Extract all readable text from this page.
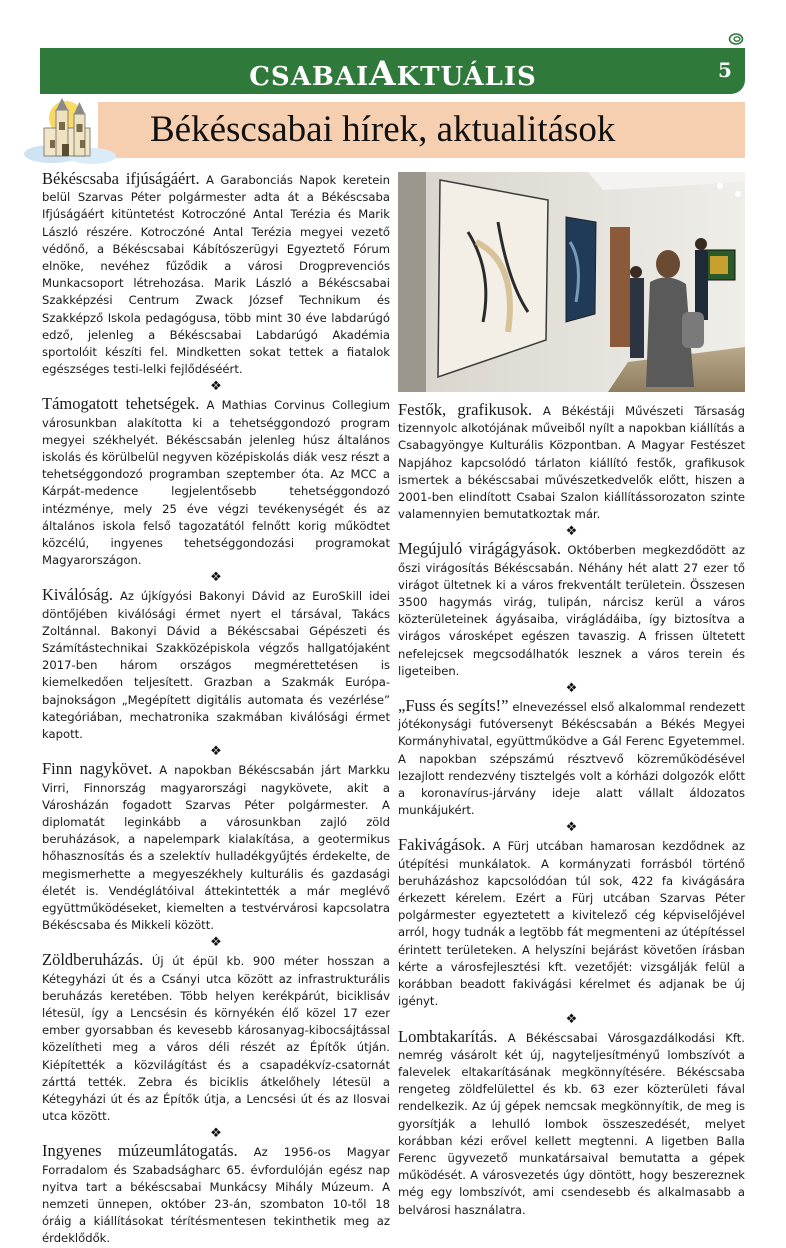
CSABAIAKTUÁLIS	5
Békéscsabai hírek, aktualitások

Békéscsaba ifjúságáért. A Garabonciás Napok keretein belül Szarvas Péter polgármester adta át a Békéscsaba Ifjúságáért kitüntetést Kotroczóné Antal Terézia és Marik László részére. Kotroczóné Antal Terézia megyei vezető védőnő, a Békéscsabai Kábítószerügyi Egyeztető Fórum elnöke, nevéhez fűződik a városi Drogprevenciós Munkacsoport létrehozása. Marik László a Békéscsabai Szakképzési Centrum Zwack József Technikum és Szakképző Iskola pedagógusa, több mint 30 éve labdarúgó edző, jelenleg a Békéscsabai Labdarúgó Akadémia sportolóit készíti fel. Mindketten sokat tettek a fiatalok egészséges testi-lelki fejlődéséért.

❖

Támogatott tehetségek. A Mathias Corvinus Collegium városunkban alakította ki a tehetséggondozó program megyei székhelyét. Békéscsabán jelenleg húsz általános iskolás és körülbelül negyven középiskolás diák vesz részt a tehetséggondozó programban szeptember óta. Az MCC a Kárpát-medence legjelentősebb tehetséggondozó intézménye, mely 25 éve végzi tevékenységét és az általános iskola felső tagozatától felnőtt korig működtet közcélú, ingyenes tehetséggondozási programokat Magyarországon.

❖

Kiválóság. Az újkígyósi Bakonyi Dávid az EuroSkill idei döntőjében kiválósági érmet nyert el társával, Takács Zoltánnal. Bakonyi Dávid a Békéscsabai Gépészeti és Számítástechnikai Szakközépiskola végzős hallgatójaként 2017-ben három országos megmérettetésen is kiemelkedően teljesített. Grazban a Szakmák Európa-bajnokságon „Megépített digitális automata és vezérlése” kategóriában, mechatronika szakmában kiválósági érmet kapott.

❖

Finn nagykövet. A napokban Békéscsabán járt Markku Virri, Finnország magyarországi nagykövete, akit a Városházán fogadott Szarvas Péter polgármester. A diplomatát leginkább a városunkban zajló zöld beruházások, a napelempark kialakítása, a geotermikus hőhasznosítás és a szelektív hulladékgyűjtés érdekelte, de megismerhette a megyeszékhely kulturális és gazdasági életét is. Vendéglátóival áttekintették a már meglévő együttműködéseket, kiemelten a testvérvárosi kapcsolatra Békéscsaba és Mikkeli között.

❖

Zöldberuházás. Új út épül kb. 900 méter hosszan a Kétegyházi út és a Csányi utca között az infrastrukturális beruházás keretében. Több helyen kerékpárút, biciklisáv létesül, így a Lencsésin és környékén élő közel 17 ezer ember gyorsabban és kevesebb károsanyag-kibocsájtással közelítheti meg a város déli részét az Építők útján. Kiépítették a közvilágítást és a csapadékvíz-csatornát zárttá tették. Zebra és biciklis átkelőhely létesül a Kétegyházi út és az Építők útja, a Lencsési út és az Ilosvai utca között.

❖

Ingyenes múzeumlátogatás. Az 1956-os Magyar Forradalom és Szabadságharc 65. évfordulóján egész nap nyitva tart a békéscsabai Munkácsy Mihály Múzeum. A nemzeti ünnepen, október 23-án, szombaton 10-től 18 óráig a kiállításokat térítésmentesen tekinthetik meg az érdeklődők.

Festők, grafikusok. A Békéstáji Művészeti Társaság tizennyolc alkotójának műveiből nyílt a napokban kiállítás a Csabagyöngye Kulturális Központban. A Magyar Festészet Napjához kapcsolódó tárlaton kiállító festők, grafikusok ismertek a békéscsabai művészetkedvelők előtt, hiszen a 2001-ben elindított Csabai Szalon kiállítássorozaton szinte valamennyien bemutatkoztak már.

❖

Megújuló virágágyások. Októberben megkezdődött az őszi virágosítás Békéscsabán. Néhány hét alatt 27 ezer tő virágot ültetnek ki a város frekventált területein. Összesen 3500 hagymás virág, tulipán, nárcisz kerül a város közterületeinek ágyásaiba, virágládáiba, így biztosítva a virágos városképet egészen tavaszig. A frissen ültetett nefelejcsek megcsodálhatók lesznek a város terein és ligeteiben.

❖

„Fuss és segíts!” elnevezéssel első alkalommal rendezett jótékonysági futóversenyt Békéscsabán a Békés Megyei Kormányhivatal, együttműködve a Gál Ferenc Egyetemmel. A napokban szépszámú résztvevő közreműködésével lezajlott rendezvény tisztelgés volt a kórházi dolgozók előtt a koronavírus-járvány ideje alatt vállalt áldozatos munkájukért.

❖

Fakivágások. A Fürj utcában hamarosan kezdődnek az útépítési munkálatok. A kormányzati forrásból történő beruházáshoz kapcsolódóan túl sok, 422 fa kivágására érkezett kérelem. Ezért a Fürj utcában Szarvas Péter polgármester egyeztetett a kivitelező cég képviselőjével arról, hogy tudnák a legtöbb fát megmenteni az útépítéssel érintett területeken. A helyszíni bejárást követően írásban kérte a városfejlesztési kft. vezetőjét: vizsgálják felül a korábban beadott fakivágási kérelmet és adjanak be új igényt.

❖

Lombtakarítás. A Békéscsabai Városgazdálkodási Kft. nemrég vásárolt két új, nagyteljesítményű lombszívót a falevelek eltakarításának megkönnyítésére. Békéscsaba rengeteg zöldfelülettel és kb. 63 ezer közterületi fával rendelkezik. Az új gépek nemcsak megkönnyítik, de meg is gyorsítják a lehulló lombok összeszedését, melyet korábban kézi erővel kellett megtenni. A ligetben Balla Ferenc ügyvezető munkatársaival bemutatta a gépek működését. A városvezetés úgy döntött, hogy beszereznek még egy lombszívót, ami csendesebb és alkalmasabb a belvárosi használatra.
